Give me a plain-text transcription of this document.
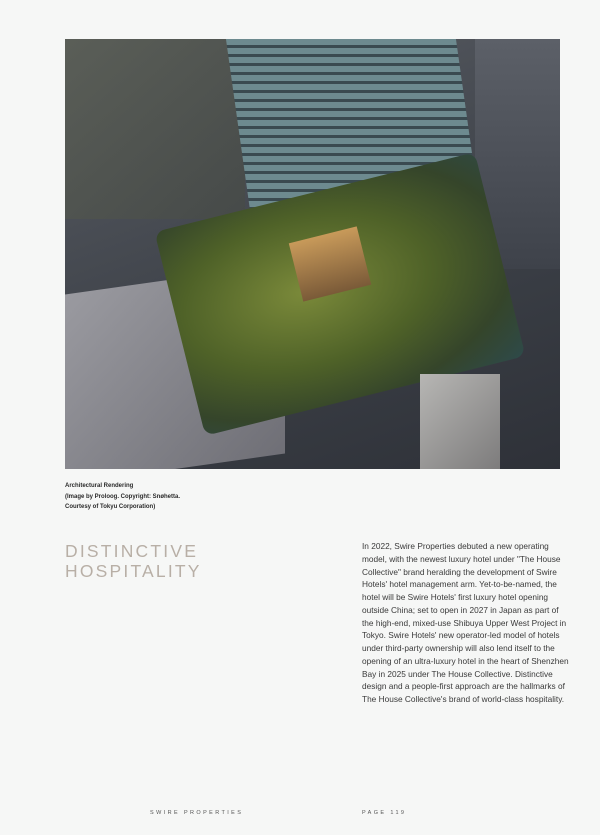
Architectural Rendering
(Image by Proloog. Copyright: Snøhetta.
Courtesy of Tokyu Corporation)
DISTINCTIVE
HOSPITALITY
In 2022, Swire Properties debuted a new operating
model, with the newest luxury hotel under "The House
Collective" brand heralding the development of Swire
Hotels' hotel management arm. Yet-to-be-named, the
hotel will be Swire Hotels' first luxury hotel opening
outside China; set to open in 2027 in Japan as part of
the high-end, mixed-use Shibuya Upper West Project in
Tokyo. Swire Hotels' new operator-led model of hotels
under third-party ownership will also lend itself to the
opening of an ultra-luxury hotel in the heart of Shenzhen
Bay in 2025 under The House Collective. Distinctive
design and a people-first approach are the hallmarks of
The House Collective's brand of world-class hospitality.
SWIRE PROPERTIES	PAGE 119
